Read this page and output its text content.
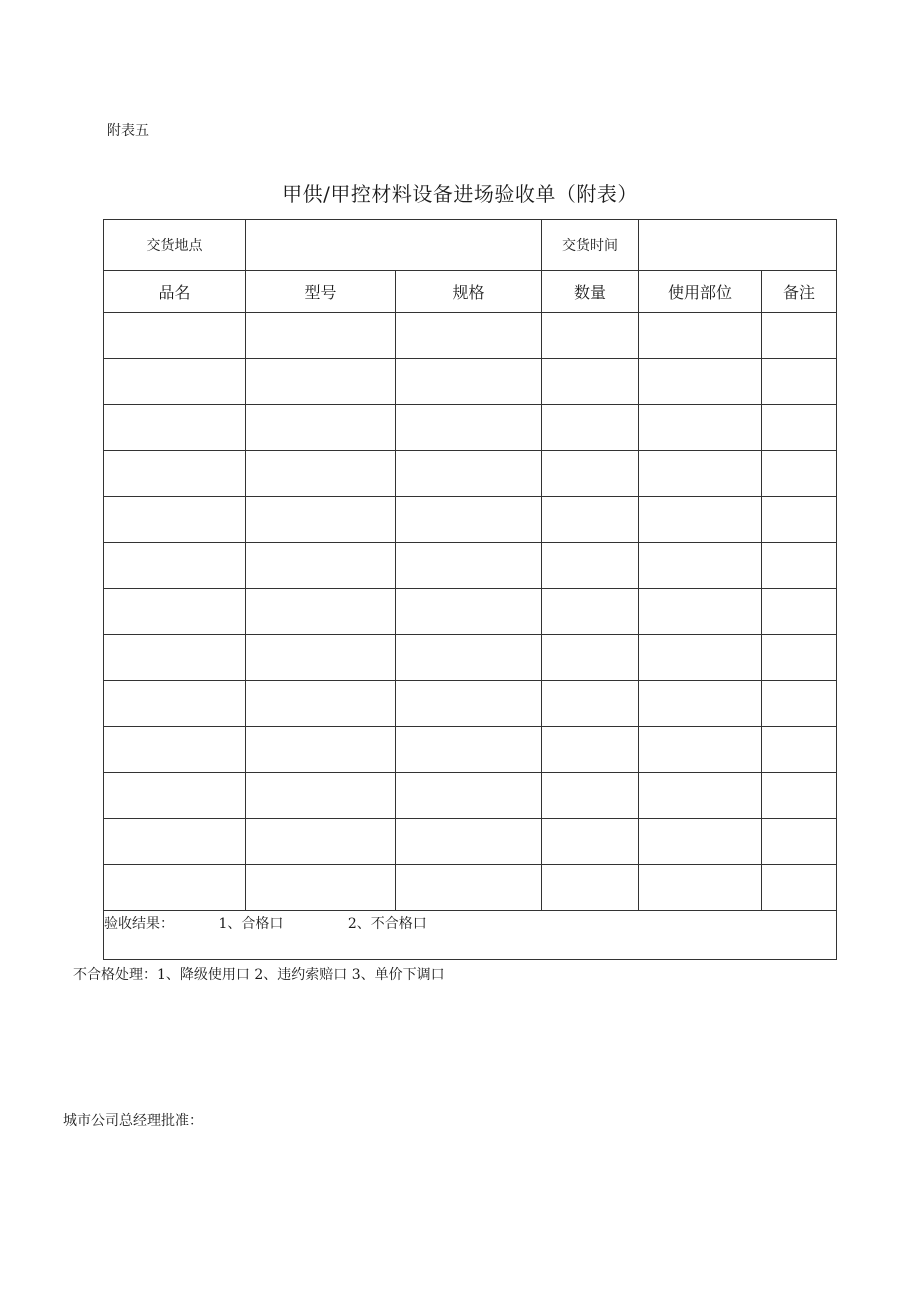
附表五
甲供/甲控材料设备进场验收单（附表）
交货地点			交货时间		
品名	型号	规格	数量	使用部位	备注

验收结果： 1、合格口 2、不合格口					
不合格处理：1、降级使用口 2、违约索赔口 3、单价下调口
城市公司总经理批准：
